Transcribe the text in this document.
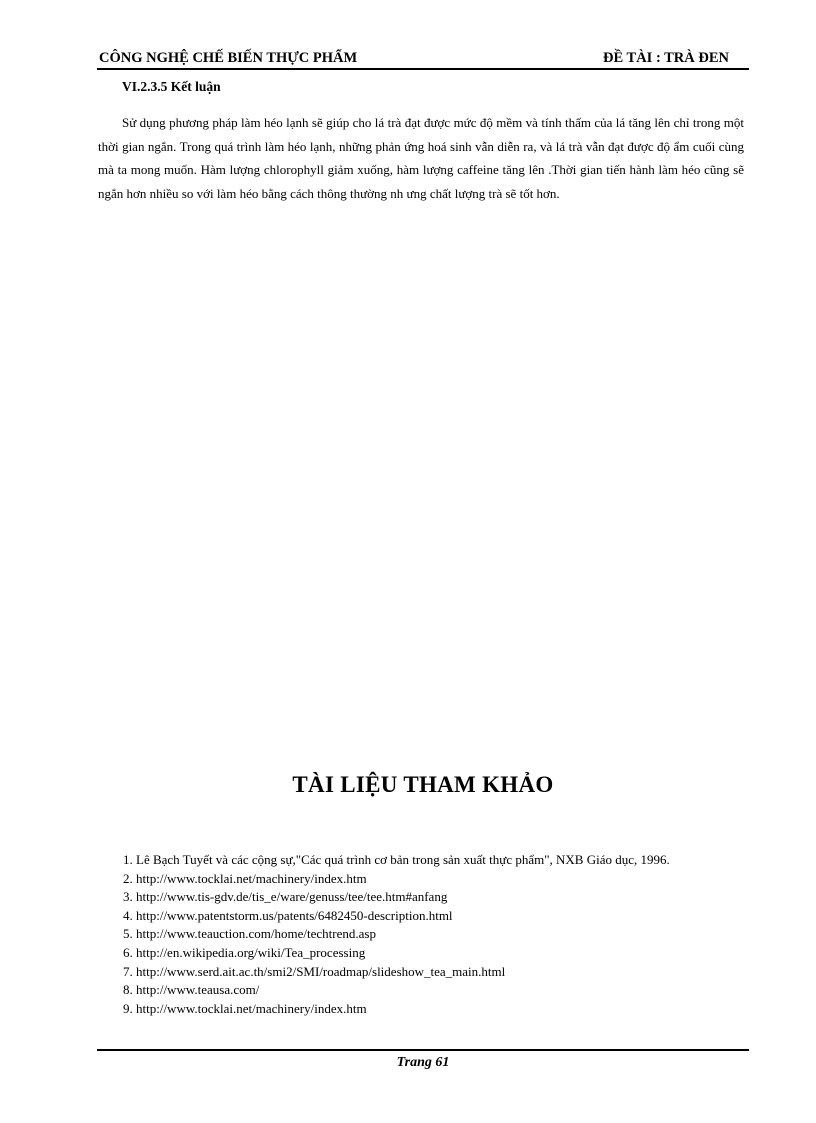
CÔNG NGHỆ CHẾ BIẾN THỰC PHẨM	ĐỀ TÀI : TRÀ ĐEN
VI.2.3.5 Kết luận

Sử dụng phương pháp làm héo lạnh sẽ giúp cho lá trà đạt được mức độ mềm và tính thấm của lá tăng lên chỉ trong một thời gian ngắn. Trong quá trình làm héo lạnh, những phản ứng hoá sinh vẫn diễn ra, và lá trà vẫn đạt được độ ẩm cuối cùng mà ta mong muốn. Hàm lượng chlorophyll giảm xuống, hàm lượng caffeine tăng lên .Thời gian tiến hành làm héo cũng sẽ ngắn hơn nhiều so với làm héo bằng cách thông thường nh ưng chất lượng trà sẽ tốt hơn.

TÀI LIỆU THAM KHẢO
1. Lê Bạch Tuyết và các cộng sự,"Các quá trình cơ bản trong sản xuất thực phẩm", NXB Giáo dục, 1996.
2. http://www.tocklai.net/machinery/index.htm
3. http://www.tis-gdv.de/tis_e/ware/genuss/tee/tee.htm#anfang
4. http://www.patentstorm.us/patents/6482450-description.html
5. http://www.teauction.com/home/techtrend.asp
6. http://en.wikipedia.org/wiki/Tea_processing
7. http://www.serd.ait.ac.th/smi2/SMI/roadmap/slideshow_tea_main.html
8. http://www.teausa.com/
9. http://www.tocklai.net/machinery/index.htm
Trang 61
